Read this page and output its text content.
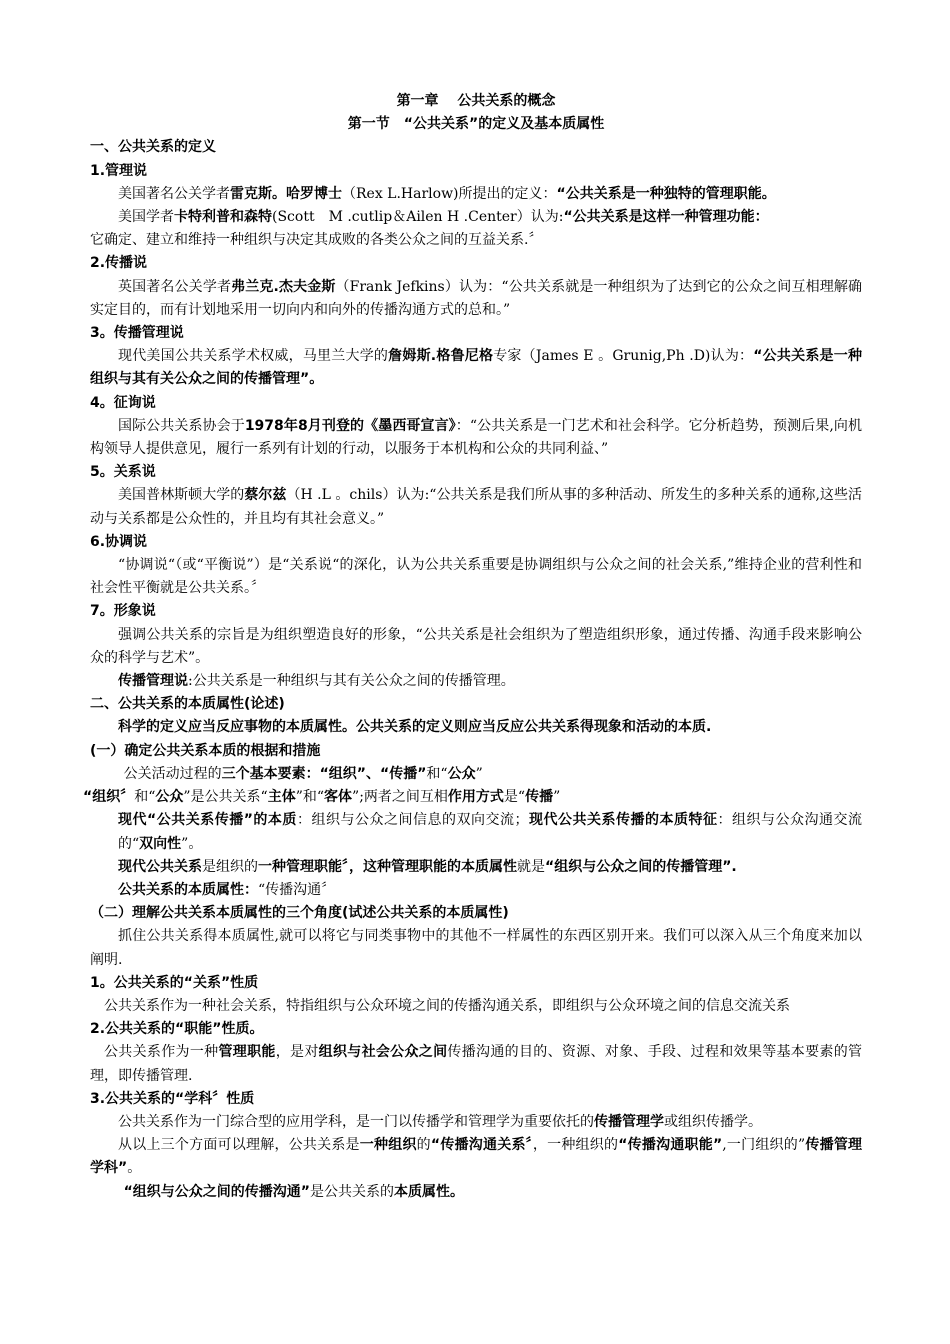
第一章　 公共关系的概念

第一节　“公共关系”的定义及基本质属性

一、公共关系的定义

1.管理说

美国著名公关学者雷克斯。哈罗博士（Rex L.Harlow)所提出的定义：“公共关系是一种独特的管理职能。

美国学者卡特利普和森特(Scott　M .cutlip＆Ailen H .Center）认为:“公共关系是这样一种管理功能：

它确定、建立和维持一种组织与决定其成败的各类公众之间的互益关系.〞

2.传播说

英国著名公关学者弗兰克.杰夫金斯（Frank Jefkins）认为：“公共关系就是一种组织为了达到它的公众之间互相理解确实定目的，而有计划地采用一切向内和向外的传播沟通方式的总和。”

3。传播管理说

现代美国公共关系学术权威，马里兰大学的詹姆斯.格鲁尼格专家（James E 。Grunig,Ph .D)认为：“公共关系是一种组织与其有关公众之间的传播管理”。

4。征询说

国际公共关系协会于1978年8月刊登的《墨西哥宣言》：“公共关系是一门艺术和社会科学。它分析趋势，预测后果,向机构领导人提供意见，履行一系列有计划的行动，以服务于本机构和公众的共同利益、”

5。关系说

美国普林斯顿大学的蔡尔兹（H .L 。chils）认为:“公共关系是我们所从事的多种活动、所发生的多种关系的通称,这些活动与关系都是公众性的，并且均有其社会意义。”

6.协调说

“协调说“（或“平衡说”）是“关系说“的深化，认为公共关系重要是协调组织与公众之间的社会关系,”维持企业的营利性和社会性平衡就是公共关系。〞

7。形象说

强调公共关系的宗旨是为组织塑造良好的形象，“公共关系是社会组织为了塑造组织形象，通过传播、沟通手段来影响公众的科学与艺术”。

传播管理说:公共关系是一种组织与其有关公众之间的传播管理。

二、公共关系的本质属性(论述)

科学的定义应当反应事物的本质属性。公共关系的定义则应当反应公共关系得现象和活动的本质.

(一）确定公共关系本质的根据和措施

公关活动过程的三个基本要素：“组织”、“传播”和“公众”

“组织〞和“公众”是公共关系“主体”和“客体”;两者之间互相作用方式是“传播”

现代“公共关系传播”的本质：组织与公众之间信息的双向交流；现代公共关系传播的本质特征：组织与公众沟通交流的“双向性”。

现代公共关系是组织的一种管理职能〞，这种管理职能的本质属性就是“组织与公众之间的传播管理”.

公共关系的本质属性：“传播沟通〞

（二）理解公共关系本质属性的三个角度(试述公共关系的本质属性)

抓住公共关系得本质属性,就可以将它与同类事物中的其他不一样属性的东西区别开来。我们可以深入从三个角度来加以阐明.

1。公共关系的“关系”性质

公共关系作为一种社会关系，特指组织与公众环境之间的传播沟通关系，即组织与公众环境之间的信息交流关系

2.公共关系的“职能”性质。

公共关系作为一种管理职能，是对组织与社会公众之间传播沟通的目的、资源、对象、手段、过程和效果等基本要素的管理，即传播管理.

3.公共关系的“学科〞性质

公共关系作为一门综合型的应用学科，是一门以传播学和管理学为重要依托的传播管理学或组织传播学。

从以上三个方面可以理解，公共关系是一种组织的“传播沟通关系〞，一种组织的“传播沟通职能”,一门组织的”传播管理学科”。

“组织与公众之间的传播沟通”是公共关系的本质属性。
